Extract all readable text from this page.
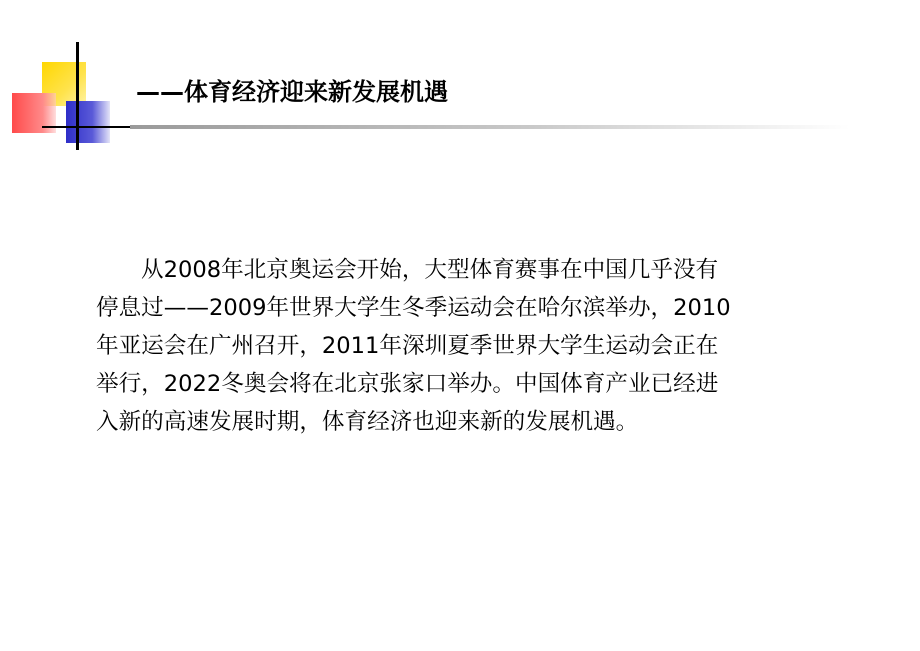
——体育经济迎来新发展机遇
从2008年北京奥运会开始，大型体育赛事在中国几乎没有
停息过——2009年世界大学生冬季运动会在哈尔滨举办，2010
年亚运会在广州召开，2011年深圳夏季世界大学生运动会正在
举行，2022冬奥会将在北京张家口举办。中国体育产业已经进
入新的高速发展时期，体育经济也迎来新的发展机遇。
